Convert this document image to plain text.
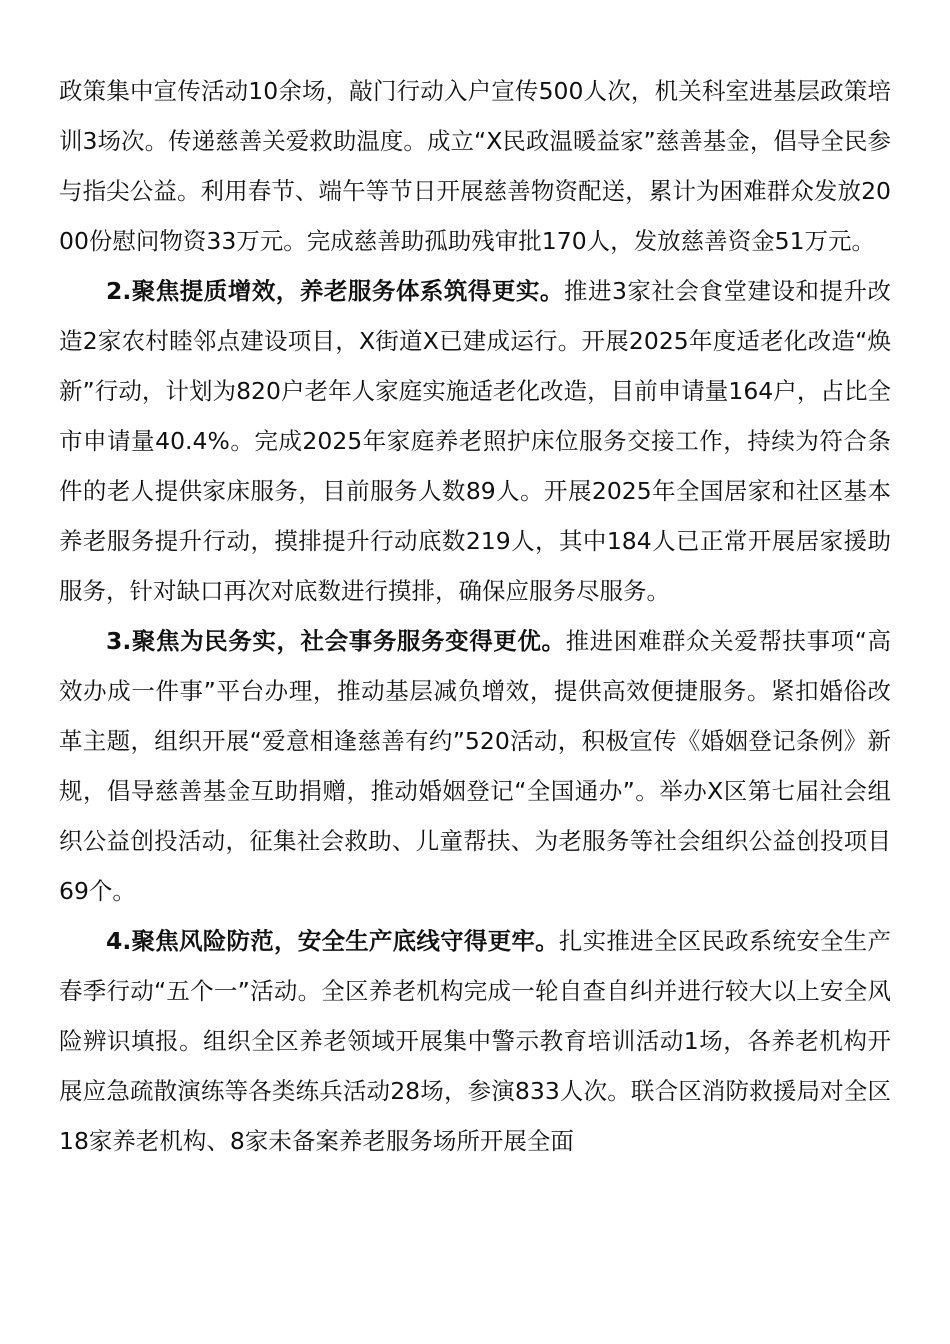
政策集中宣传活动10余场，敲门行动入户宣传500人次，机关科室进基层政策培训3场次。传递慈善关爱救助温度。成立“X民政温暖益家”慈善基金，倡导全民参与指尖公益。利用春节、端午等节日开展慈善物资配送，累计为困难群众发放2000份慰问物资33万元。完成慈善助孤助残审批170人，发放慈善资金51万元。

2.聚焦提质增效，养老服务体系筑得更实。推进3家社会食堂建设和提升改造2家农村睦邻点建设项目，X街道X已建成运行。开展2025年度适老化改造“焕新”行动，计划为820户老年人家庭实施适老化改造，目前申请量164户，占比全市申请量40.4%。完成2025年家庭养老照护床位服务交接工作，持续为符合条件的老人提供家床服务，目前服务人数89人。开展2025年全国居家和社区基本养老服务提升行动，摸排提升行动底数219人，其中184人已正常开展居家援助服务，针对缺口再次对底数进行摸排，确保应服务尽服务。

3.聚焦为民务实，社会事务服务变得更优。推进困难群众关爱帮扶事项“高效办成一件事”平台办理，推动基层减负增效，提供高效便捷服务。紧扣婚俗改革主题，组织开展“爱意相逢慈善有约”520活动，积极宣传《婚姻登记条例》新规，倡导慈善基金互助捐赠，推动婚姻登记“全国通办”。举办X区第七届社会组织公益创投活动，征集社会救助、儿童帮扶、为老服务等社会组织公益创投项目69个。

4.聚焦风险防范，安全生产底线守得更牢。扎实推进全区民政系统安全生产春季行动“五个一”活动。全区养老机构完成一轮自查自纠并进行较大以上安全风险辨识填报。组织全区养老领域开展集中警示教育培训活动1场，各养老机构开展应急疏散演练等各类练兵活动28场，参演833人次。联合区消防救援局对全区18家养老机构、8家未备案养老服务场所开展全面
